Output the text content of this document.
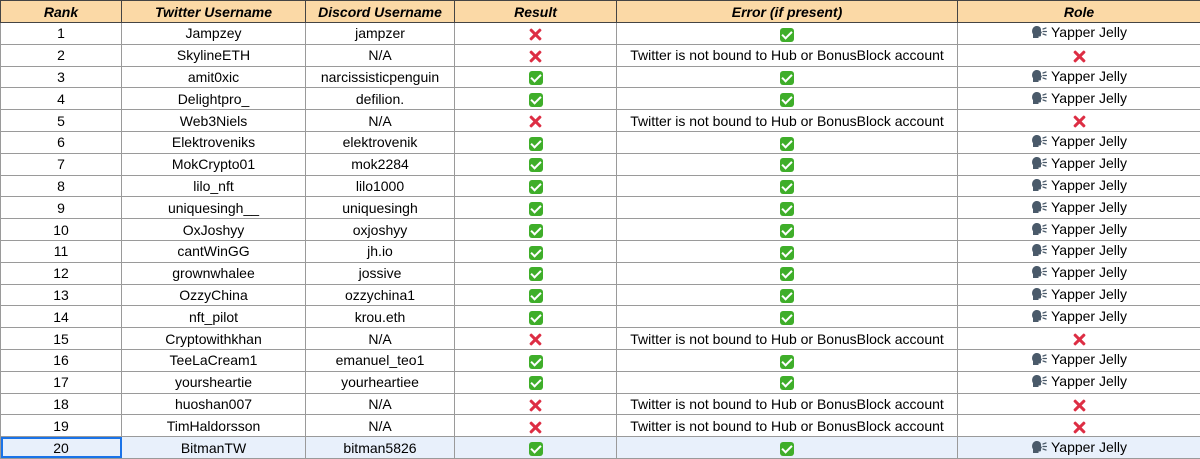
Rank	Twitter Username	Discord Username	Result	Error (if present)	Role
1	Jampzey	jampzer			Yapper Jelly

2	SkylineETH	N/A		Twitter is not bound to Hub or BonusBlock account	
3	amit0xic	narcissisticpenguin			Yapper Jelly

4	Delightpro_	defilion.			Yapper Jelly

5	Web3Niels	N/A		Twitter is not bound to Hub or BonusBlock account	
6	Elektroveniks	elektrovenik			Yapper Jelly

7	MokCrypto01	mok2284			Yapper Jelly

8	lilo_nft	lilo1000			Yapper Jelly

9	uniquesingh__	uniquesingh			Yapper Jelly

10	OxJoshyy	oxjoshyy			Yapper Jelly

11	cantWinGG	jh.io			Yapper Jelly

12	grownwhalee	jossive			Yapper Jelly

13	OzzyChina	ozzychina1			Yapper Jelly

14	nft_pilot	krou.eth			Yapper Jelly

15	Cryptowithkhan	N/A		Twitter is not bound to Hub or BonusBlock account	
16	TeeLaCream1	emanuel_teo1			Yapper Jelly

17	yoursheartie	yourheartiee			Yapper Jelly

18	huoshan007	N/A		Twitter is not bound to Hub or BonusBlock account	
19	TimHaldorsson	N/A		Twitter is not bound to Hub or BonusBlock account	
20	BitmanTW	bitman5826			Yapper Jelly
